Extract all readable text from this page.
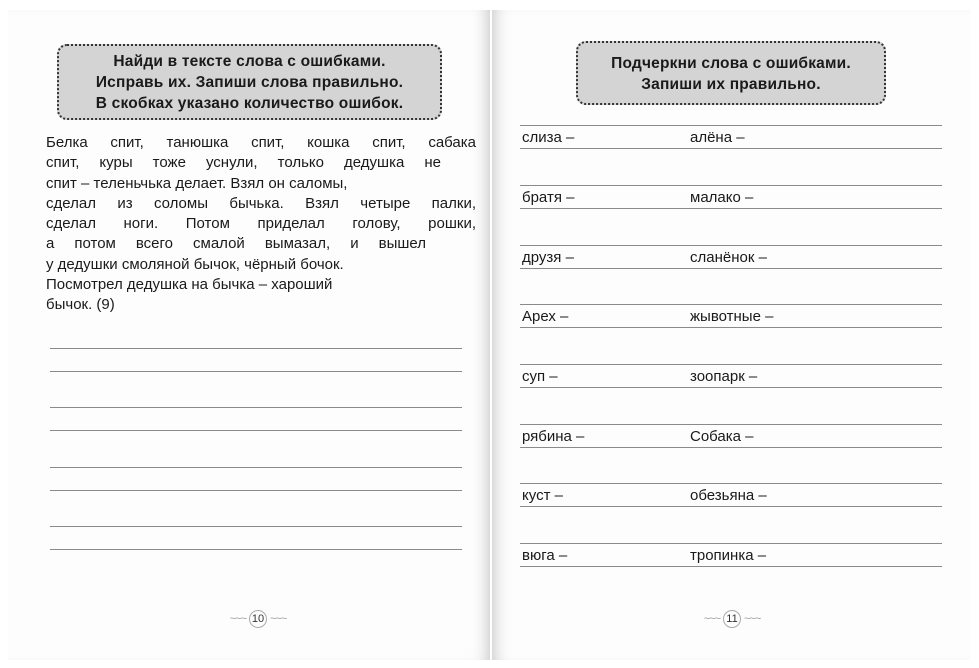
Найди в тексте слова с ошибками.
Исправь их. Запиши слова правильно.
В скобках указано количество ошибок.
Белка спит, танюшка спит, кошка спит, сабака
спит, куры тоже уснули, только дедушка не
спит – теленьчька делает. Взял он саломы,
сделал из соломы бычька. Взял четыре палки,
сделал ноги. Потом приделал голову, рошки,
а потом всего смалой вымазал, и вышел
у дедушки смоляной бычок, чёрный бочок.
Посмотрел дедушка на бычка – хароший
бычок. (9)
~~~ 10 ~~~
Подчеркни слова с ошибками.
Запиши их правильно.
слиза –	алёна –
братя –	малако –
друзя –	сланёнок –
Арех –	жывотные –
суп –	зоопарк –
рябина –	Собака –
куст –	обезьяна –
вюга –	тропинка –
~~~ 11 ~~~
